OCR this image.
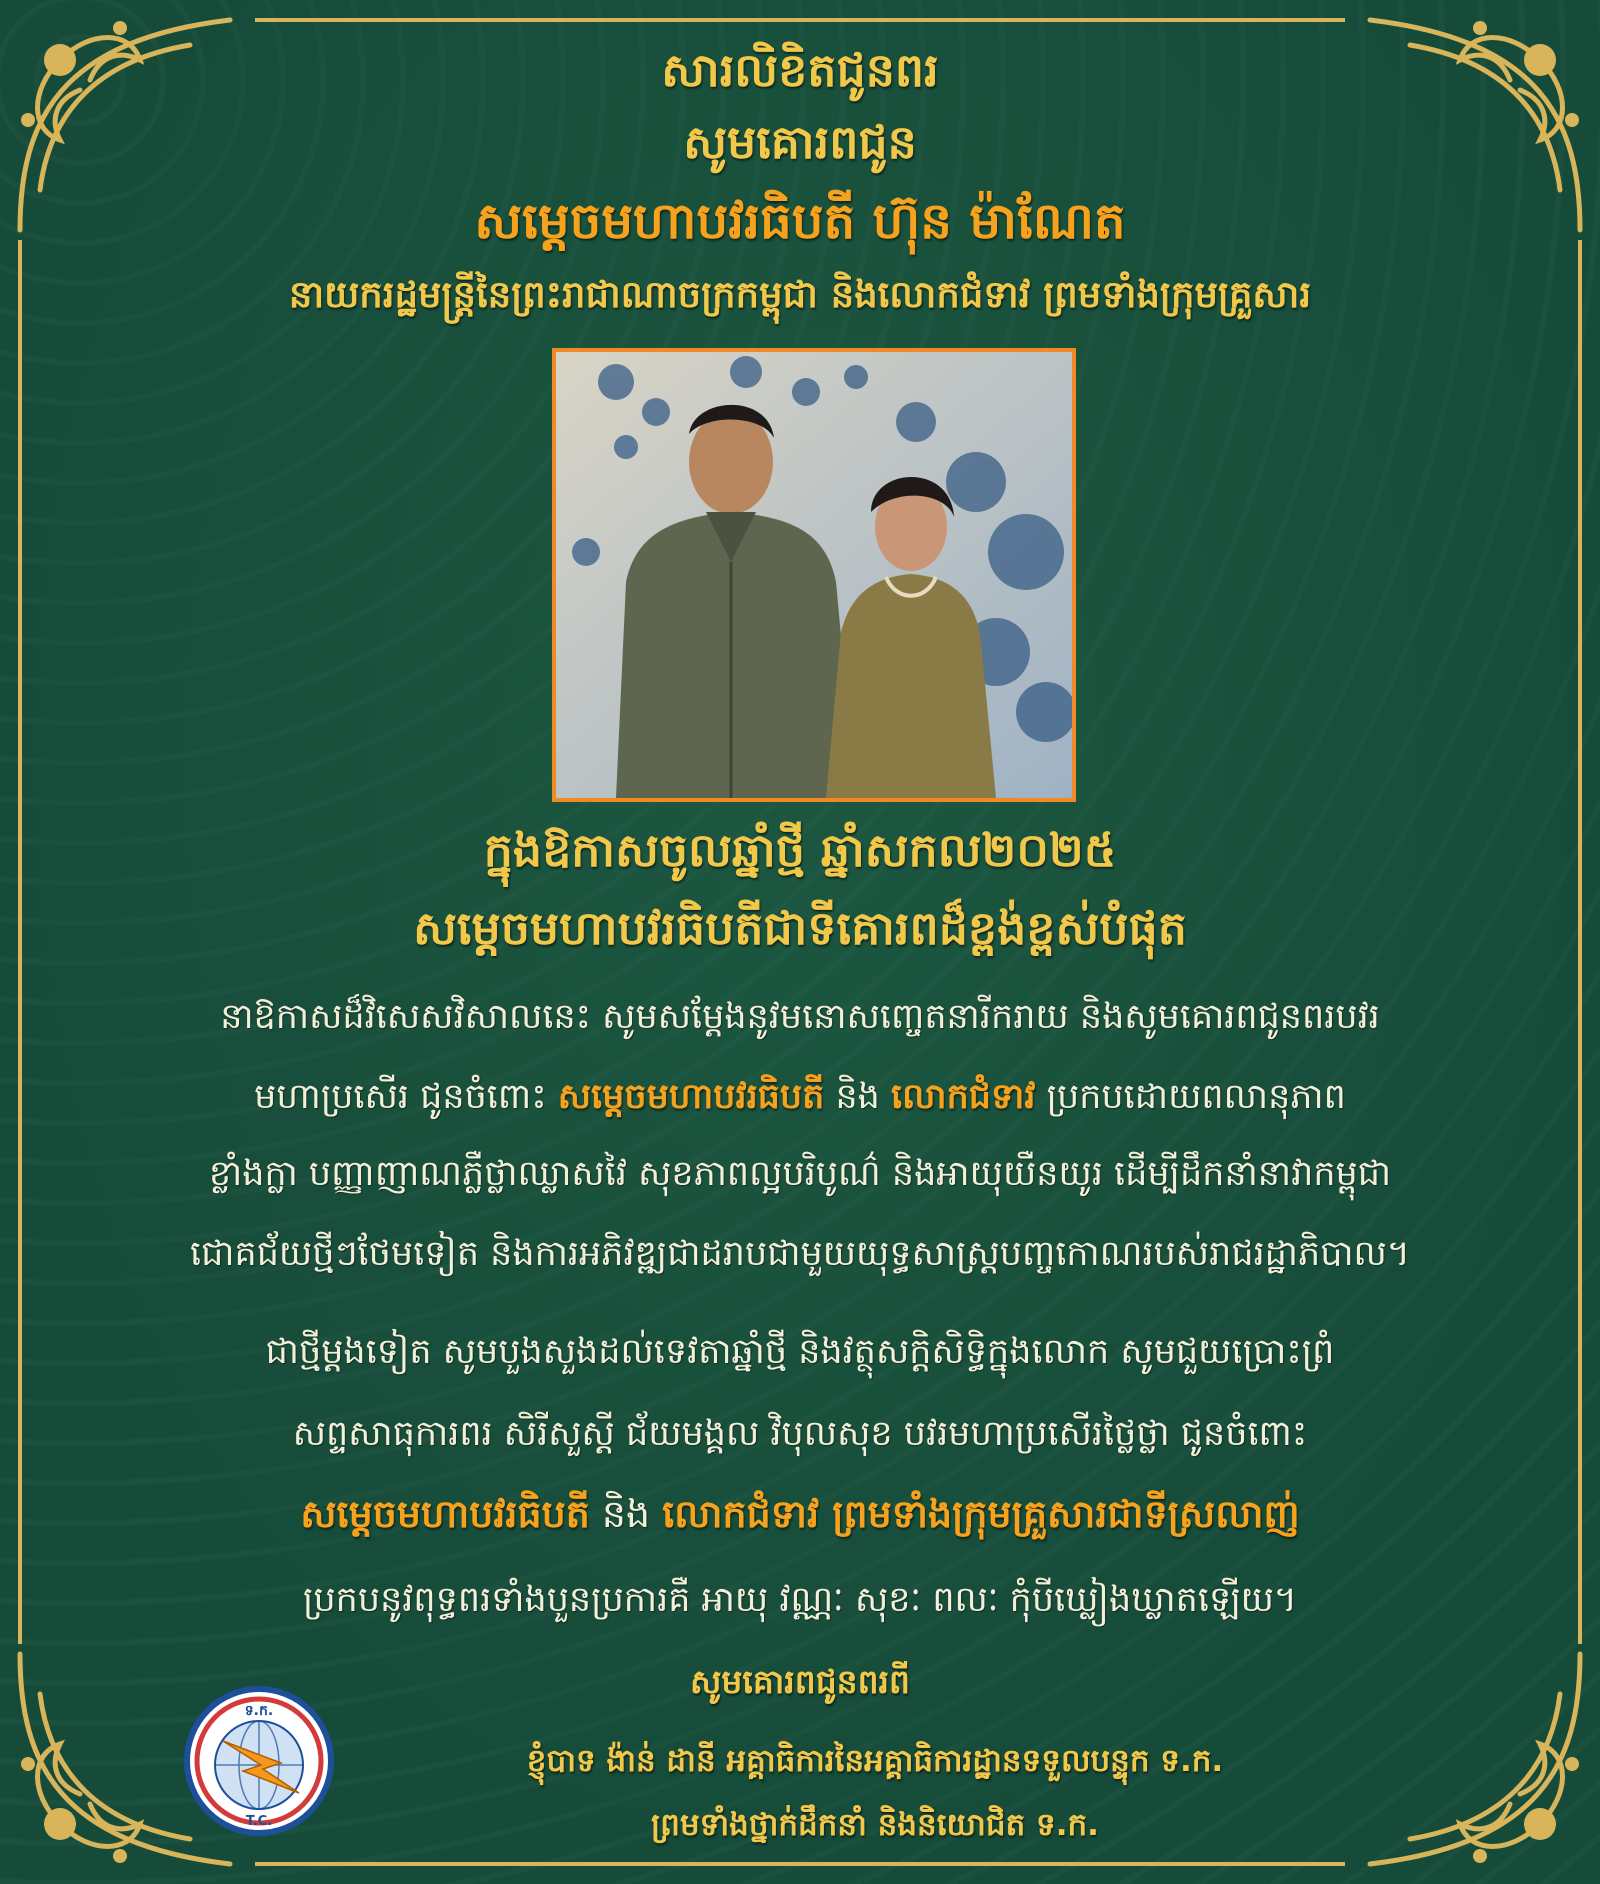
សារលិខិតជូនពរ
សូមគោរពជូន
សម្តេចមហាបវរធិបតី ហ៊ុន ម៉ាណែត
នាយករដ្ឋមន្ត្រីនៃព្រះរាជាណាចក្រកម្ពុជា និងលោកជំទាវ ព្រមទាំងក្រុមគ្រួសារ
ក្នុងឱកាសចូលឆ្នាំថ្មី ឆ្នាំសកល២០២៥
សម្តេចមហាបវរធិបតីជាទីគោរពដ៏ខ្ពង់ខ្ពស់បំផុត
នាឱកាសដ៏វិសេសវិសាលនេះ សូមសម្តែងនូវមនោសញ្ចេតនារីករាយ និងសូមគោរពជូនពរបវរ
មហាប្រសើរ ជូនចំពោះ សម្តេចមហាបវរធិបតី និង លោកជំទាវ ប្រកបដោយពលានុភាព
ខ្លាំងក្លា បញ្ញាញាណភ្លឺថ្លាឈ្លាសវៃ សុខភាពល្អបរិបូណ៌ និងអាយុយឺនយូរ ដើម្បីដឹកនាំនាវាកម្ពុជា
ជោគជ័យថ្មីៗថែមទៀត និងការអភិវឌ្ឍជាដរាបជាមួយយុទ្ធសាស្ត្របញ្ចកោណរបស់រាជរដ្ឋាភិបាល។
ជាថ្មីម្តងទៀត សូមបួងសួងដល់ទេវតាឆ្នាំថ្មី និងវត្ថុសក្តិសិទ្ធិក្នុងលោក សូមជួយប្រោះព្រំ
សព្ទសាធុការពរ សិរីសួស្តី ជ័យមង្គល វិបុលសុខ បវរមហាប្រសើរថ្លៃថ្លា ជូនចំពោះ
សម្តេចមហាបវរធិបតី និង លោកជំទាវ ព្រមទាំងក្រុមគ្រួសារជាទីស្រលាញ់
ប្រកបនូវពុទ្ធពរទាំងបួនប្រការគឺ អាយុ វណ្ណៈ សុខៈ ពលៈ កុំបីឃ្លៀងឃ្លាតឡើយ។
សូមគោរពជូនពរពី
ទ.ក.
T.C.
ខ្ញុំបាទ ង៉ាន់ ដានី អគ្គាធិការនៃអគ្គាធិការដ្ឋានទទួលបន្ទុក ទ.ក.
ព្រមទាំងថ្នាក់ដឹកនាំ និងនិយោជិត ទ.ក.
